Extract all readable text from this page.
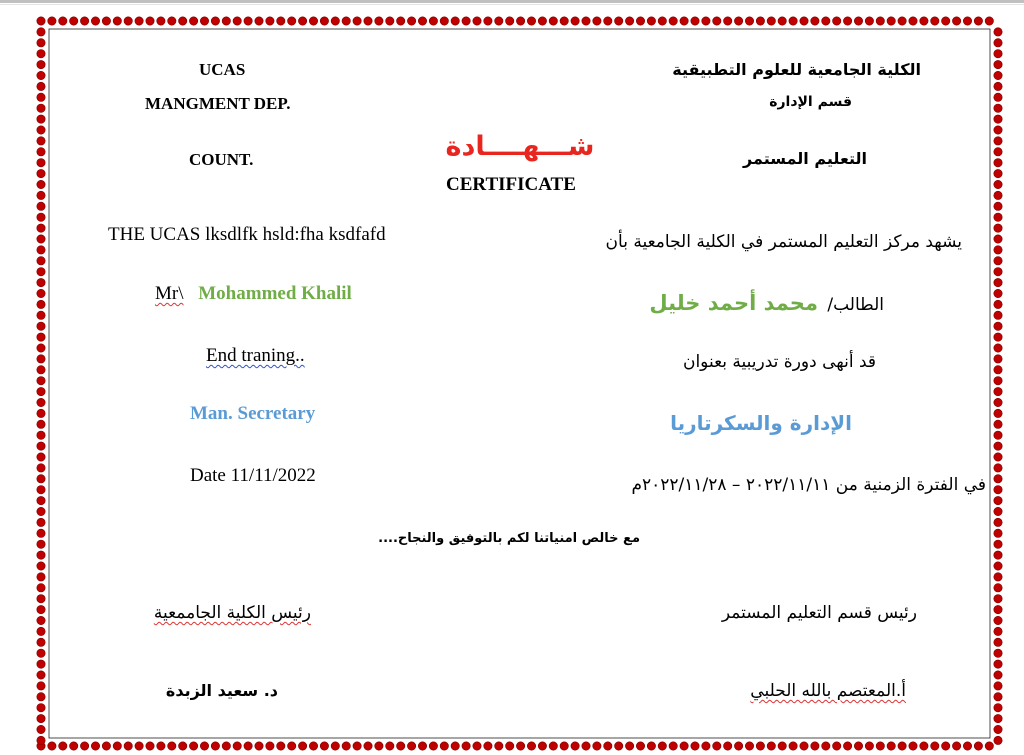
UCAS
MANGMENT DEP.
COUNT.
الكلية الجامعية للعلوم التطبيقية
قسم الإدارة
التعليم المستمر
شـــهــــادة
CERTIFICATE
THE UCAS lksdlfk hsld:fha ksdfafd
Mr\ Mohammed Khalil
End traning..
Man. Secretary
Date 11/11/2022
يشهد مركز التعليم المستمر في الكلية الجامعية بأن
الطالب/ محمد أحمد خليل
قد أنهى دورة تدريبية بعنوان
الإدارة والسكرتاريا
في الفترة الزمنية من ٢٠٢٢/١١/١١ – ٢٠٢٢/١١/٢٨م
مع خالص امنياتنا لكم بالتوفيق والنجاح....
رئيس الكلية الجاممعية
د. سعيد الزبدة
رئيس قسم التعليم المستمر
أ.المعتصم بالله الحلبي
